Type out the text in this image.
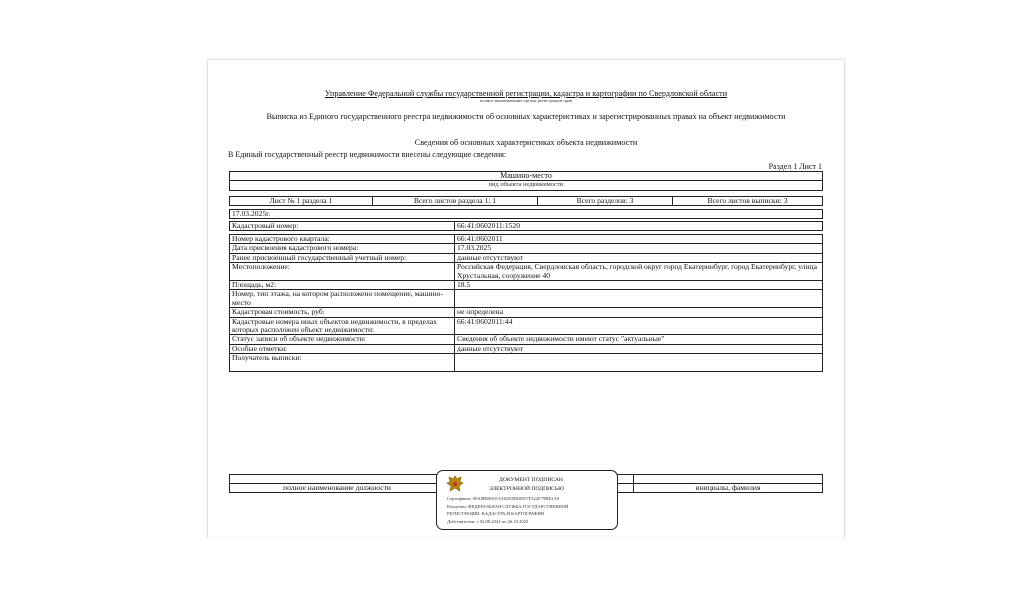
Управление Федеральной службы государственной регистрации, кадастра и картографии по Свердловской области
полное наименование органа регистрации прав
Выписка из Единого государственного реестра недвижимости об основных характеристиках и зарегистрированных правах на объект недвижимости
Сведения об основных характеристиках объекта недвижимости
В Единый государственный реестр недвижимости внесены следующие сведения:
Раздел 1 Лист 1
Машино-место
вид объекта недвижимости
Лист № 1 раздела 1	Всего листов раздела 1: 1	Всего разделов: 3	Всего листов выписки: 3
17.03.2025г.
Кадастровый номер:	66:41:0602011:1520
Номер кадастрового квартала:	66:41:0602011
Дата присвоения кадастрового номера:	17.03.2025
Ранее присвоенный государственный учетный номер:	данные отсутствуют
Местоположение:	Российская Федерация, Свердловская область, городской округ город Екатеринбург, город Екатеринбург, улица Хрустальная, сооружение 40
Площадь, м2:	18.5
Номер, тип этажа, на котором расположено помещение, машино-место	
Кадастровая стоимость, руб:	не определена
Кадастровые номера иных объектов недвижимости, в пределах которых расположен объект недвижимости:	66:41:0602011:44
Статус записи об объекте недвижимости:	Сведения об объекте недвижимости имеют статус "актуальные"
Особые отметки:	данные отсутствуют
Получатель выписки:	

полное наименование должности		инициалы, фамилия
ДОКУМЕНТ ПОДПИСАН
ЭЛЕКТРОННОЙ ПОДПИСЬЮ
Сертификат: 00A9B0E5013A02D5D68357F322F79BE2A9
Владелец: ФЕДЕРАЛЬНАЯ СЛУЖБА ГОСУДАРСТВЕННОЙ
РЕГИСТРАЦИИ, КАДАСТРА И КАРТОГРАФИИ
Действителен: с 02.08.2024 по 26.10.2025
